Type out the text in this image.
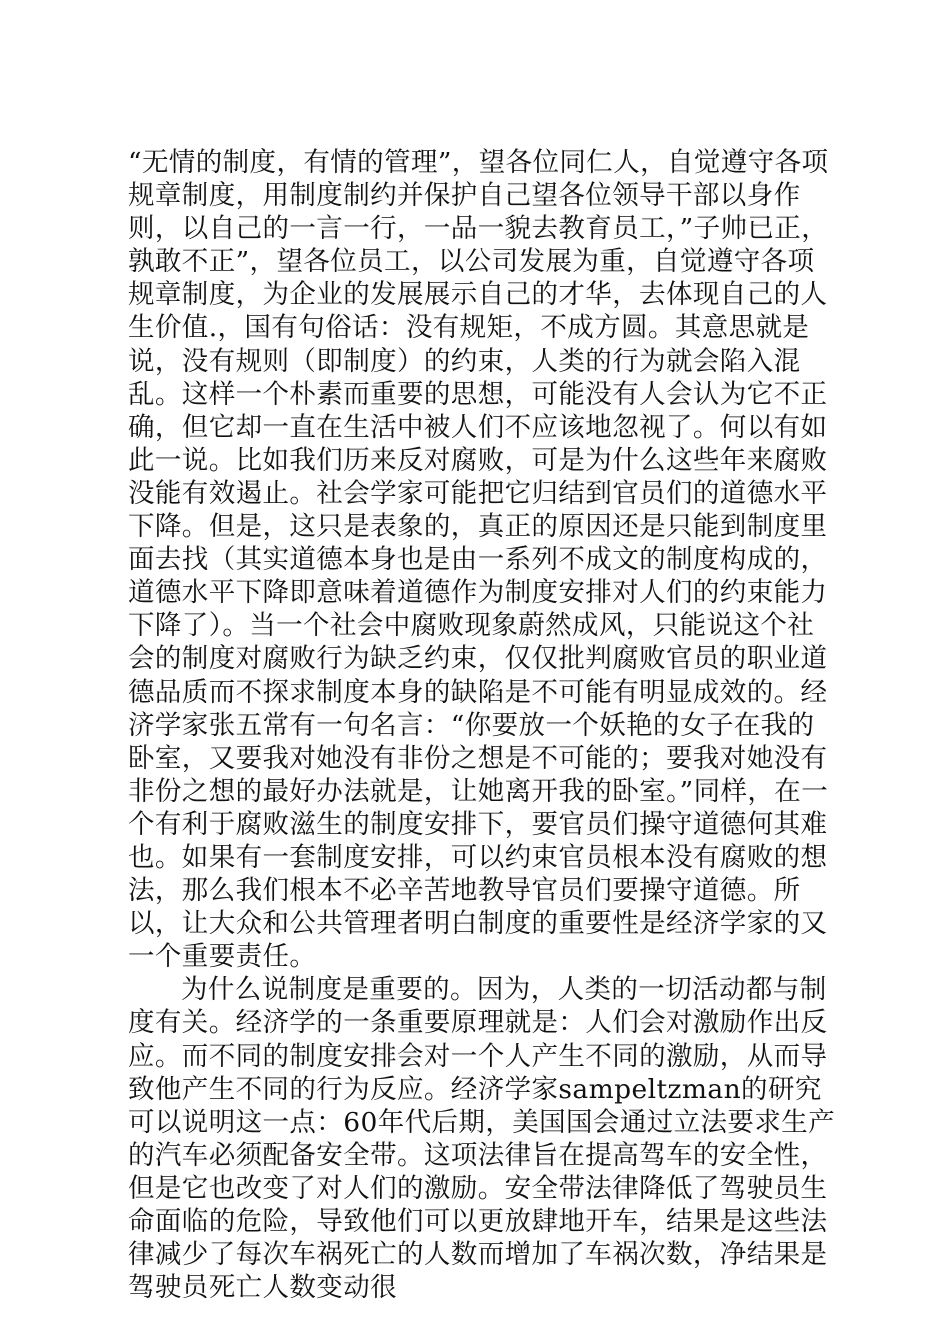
“无情的制度，有情的管理”，望各位同仁人，自觉遵守各项规章制度，用制度制约并保护自己望各位领导干部以身作则，以自己的一言一行，一品一貌去教育员工，”子帅已正，孰敢不正”，望各位员工，以公司发展为重，自觉遵守各项规章制度，为企业的发展展示自己的才华，去体现自己的人生价值.，国有句俗话：没有规矩，不成方圆。其意思就是说，没有规则（即制度）的约束，人类的行为就会陷入混乱。这样一个朴素而重要的思想，可能没有人会认为它不正确，但它却一直在生活中被人们不应该地忽视了。何以有如此一说。比如我们历来反对腐败，可是为什么这些年来腐败没能有效遏止。社会学家可能把它归结到官员们的道德水平下降。但是，这只是表象的，真正的原因还是只能到制度里面去找（其实道德本身也是由一系列不成文的制度构成的，道德水平下降即意味着道德作为制度安排对人们的约束能力下降了）。当一个社会中腐败现象蔚然成风，只能说这个社会的制度对腐败行为缺乏约束，仅仅批判腐败官员的职业道德品质而不探求制度本身的缺陷是不可能有明显成效的。经济学家张五常有一句名言：“你要放一个妖艳的女子在我的卧室，又要我对她没有非份之想是不可能的；要我对她没有非份之想的最好办法就是，让她离开我的卧室。”同样，在一个有利于腐败滋生的制度安排下，要官员们操守道德何其难也。如果有一套制度安排，可以约束官员根本没有腐败的想法，那么我们根本不必辛苦地教导官员们要操守道德。所以，让大众和公共管理者明白制度的重要性是经济学家的又一个重要责任。

为什么说制度是重要的。因为，人类的一切活动都与制度有关。经济学的一条重要原理就是：人们会对激励作出反应。而不同的制度安排会对一个人产生不同的激励，从而导致他产生不同的行为反应。经济学家sampeltzman的研究可以说明这一点：60年代后期，美国国会通过立法要求生产的汽车必须配备安全带。这项法律旨在提高驾车的安全性，但是它也改变了对人们的激励。安全带法律降低了驾驶员生命面临的危险，导致他们可以更放肆地开车，结果是这些法律减少了每次车祸死亡的人数而增加了车祸次数，净结果是驾驶员死亡人数变动很
